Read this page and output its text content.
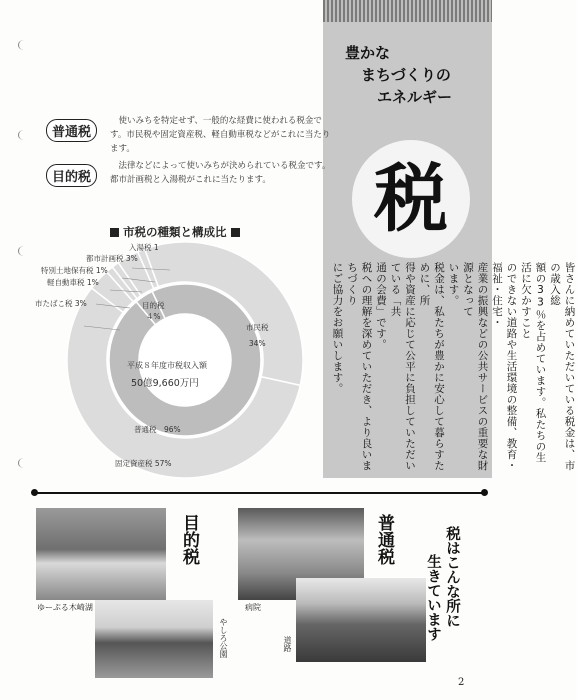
豊かな
まちづくりの
エネルギー
税
皆さんに納めていただいている税金は、市の歳入総
額の33％を占めています。私たちの生活に欠かすこと
のできない道路や生活環境の整備、教育・福祉・住宅・
産業の振興などの公共サービスの重要な財源となって
います。
税金は、私たちが豊かに安心して暮らすために、所
得や資産に応じて公平に負担していただいている「共
通の会費」です。
税への理解を深めていただき、より良いまちづくり
にご協力をお願いします。
普通税
使いみちを特定せず、一般的な経費に使われる税金です。市民税や固定資産税、軽自動車税などがこれに当たります。
目的税
法律などによって使いみちが決められている税金です。都市計画税と入湯税がこれに当たります。
市税の種類と構成比
入湯税 1
都市計画税 3%
特別土地保有税 1%
軽自動車税 1%
市たばこ税 3%	目的税
４%
市民税
34%
平成８年度市税収入額
50億9,660万円
普通税　 96%
固定資産税 57%
ゆーぷる木崎湖
やしろ公園
目的税
病院
道路
普通税	税はこんな所に
生きています
2
